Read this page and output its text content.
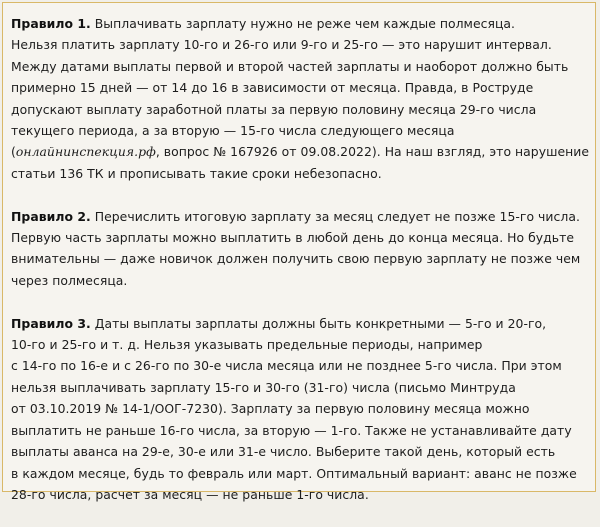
Правило 1. Выплачивать зарплату нужно не реже чем каждые полмесяца.
Нельзя платить зарплату 10-го и 26-го или 9-го и 25-го — это нарушит интервал.
Между датами выплаты первой и второй частей зарплаты и наоборот должно быть
примерно 15 дней — от 14 до 16 в зависимости от месяца. Правда, в Роструде
допускают выплату заработной платы за первую половину месяца 29-го числа
текущего периода, а за вторую — 15-го числа следующего месяца
(онлайнинспекция.рф, вопрос № 167926 от 09.08.2022). На наш взгляд, это нарушение
статьи 136 ТК и прописывать такие сроки небезопасно.
Правило 2. Перечислить итоговую зарплату за месяц следует не позже 15-го числа.
Первую часть зарплаты можно выплатить в любой день до конца месяца. Но будьте
внимательны — даже новичок должен получить свою первую зарплату не позже чем
через полмесяца.
Правило 3. Даты выплаты зарплаты должны быть конкретными — 5-го и 20-го,
10-го и 25-го и т. д. Нельзя указывать предельные периоды, например
с 14-го по 16-е и с 26-го по 30-е числа месяца или не позднее 5-го числа. При этом
нельзя выплачивать зарплату 15-го и 30-го (31-го) числа (письмо Минтруда
от 03.10.2019 № 14-1/ООГ-7230). Зарплату за первую половину месяца можно
выплатить не раньше 16-го числа, за вторую — 1-го. Также не устанавливайте дату
выплаты аванса на 29-е, 30-е или 31-е число. Выберите такой день, который есть
в каждом месяце, будь то февраль или март. Оптимальный вариант: аванс не позже
28-го числа, расчет за месяц — не раньше 1-го числа.
